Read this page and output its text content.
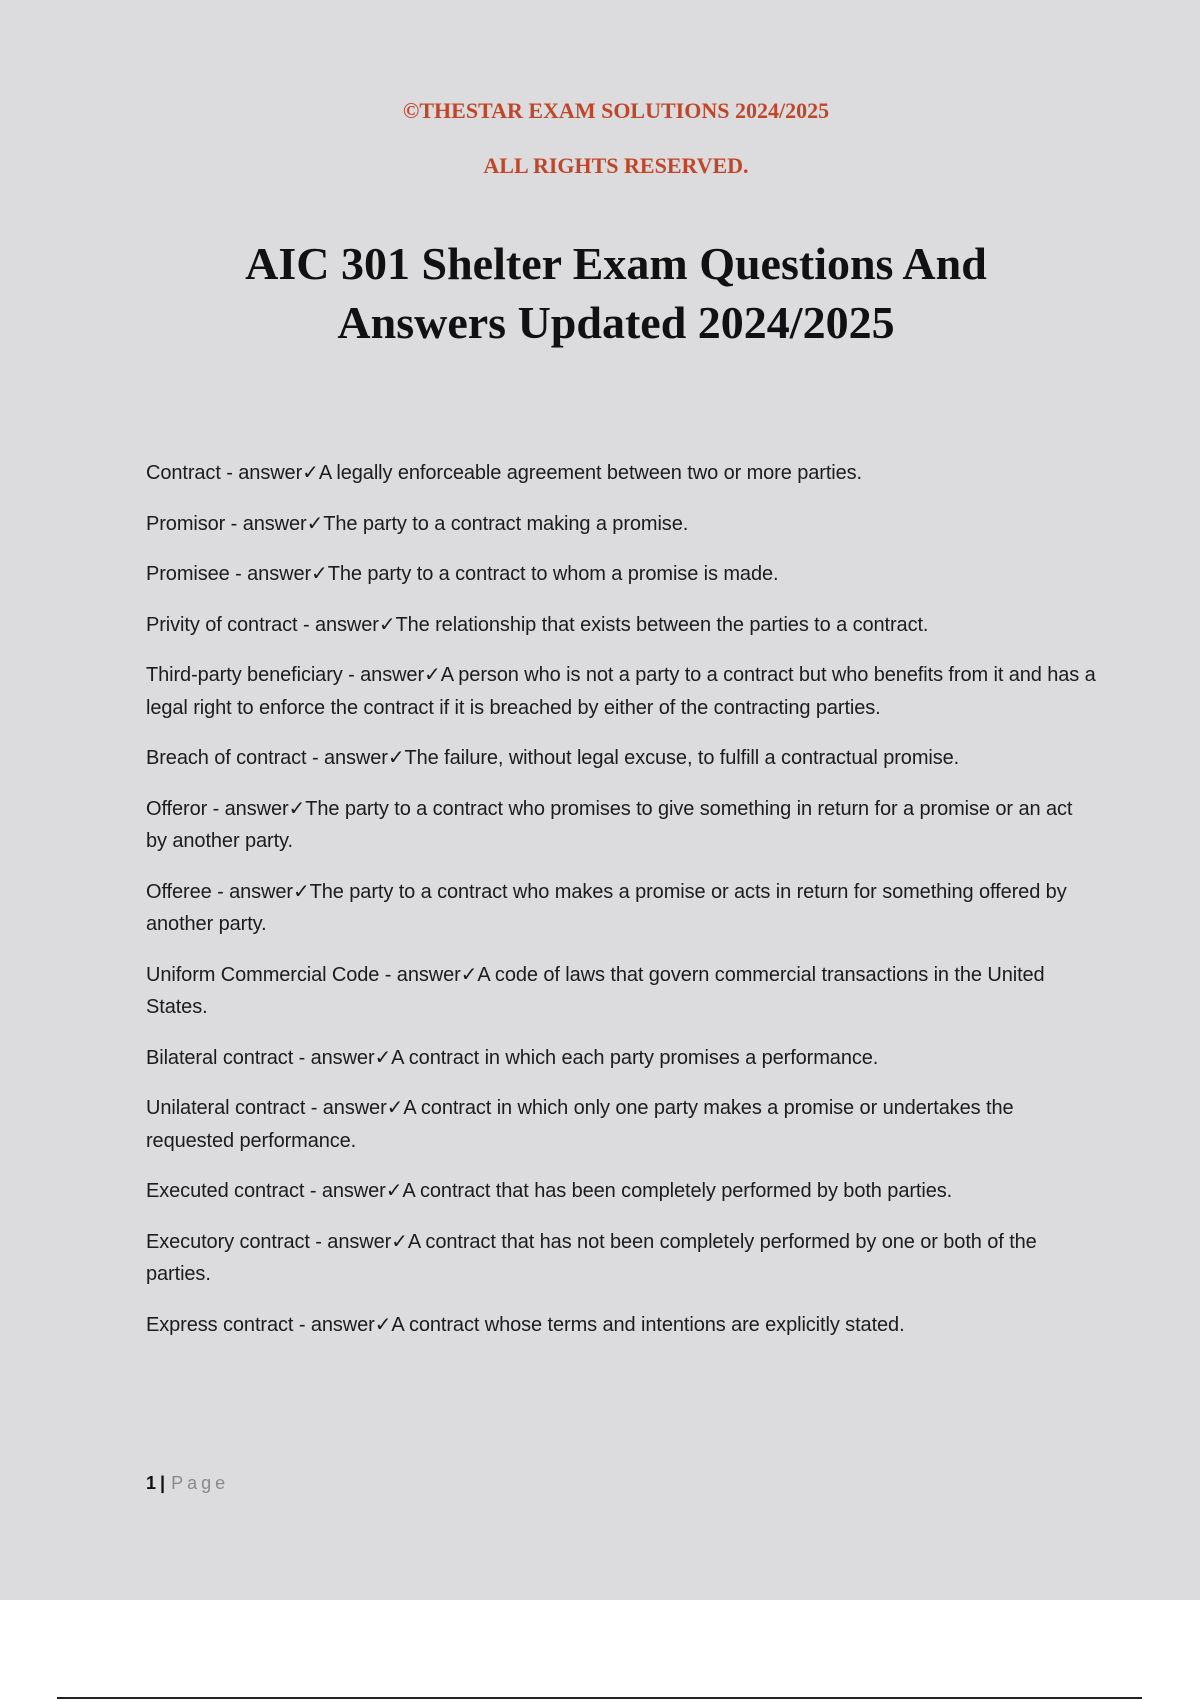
©THESTAR EXAM SOLUTIONS 2024/2025
ALL RIGHTS RESERVED.
AIC 301 Shelter Exam Questions And
Answers Updated 2024/2025

Contract - answer✓A legally enforceable agreement between two or more parties.

Promisor - answer✓The party to a contract making a promise.

Promisee - answer✓The party to a contract to whom a promise is made.

Privity of contract - answer✓The relationship that exists between the parties to a contract.

Third-party beneficiary - answer✓A person who is not a party to a contract but who benefits from it and has a legal right to enforce the contract if it is breached by either of the contracting parties.

Breach of contract - answer✓The failure, without legal excuse, to fulfill a contractual promise.

Offeror - answer✓The party to a contract who promises to give something in return for a promise or an act by another party.

Offeree - answer✓The party to a contract who makes a promise or acts in return for something offered by another party.

Uniform Commercial Code - answer✓A code of laws that govern commercial transactions in the United States.

Bilateral contract - answer✓A contract in which each party promises a performance.

Unilateral contract - answer✓A contract in which only one party makes a promise or undertakes the requested performance.

Executed contract - answer✓A contract that has been completely performed by both parties.

Executory contract - answer✓A contract that has not been completely performed by one or both of the parties.

Express contract - answer✓A contract whose terms and intentions are explicitly stated.

1 | Page
